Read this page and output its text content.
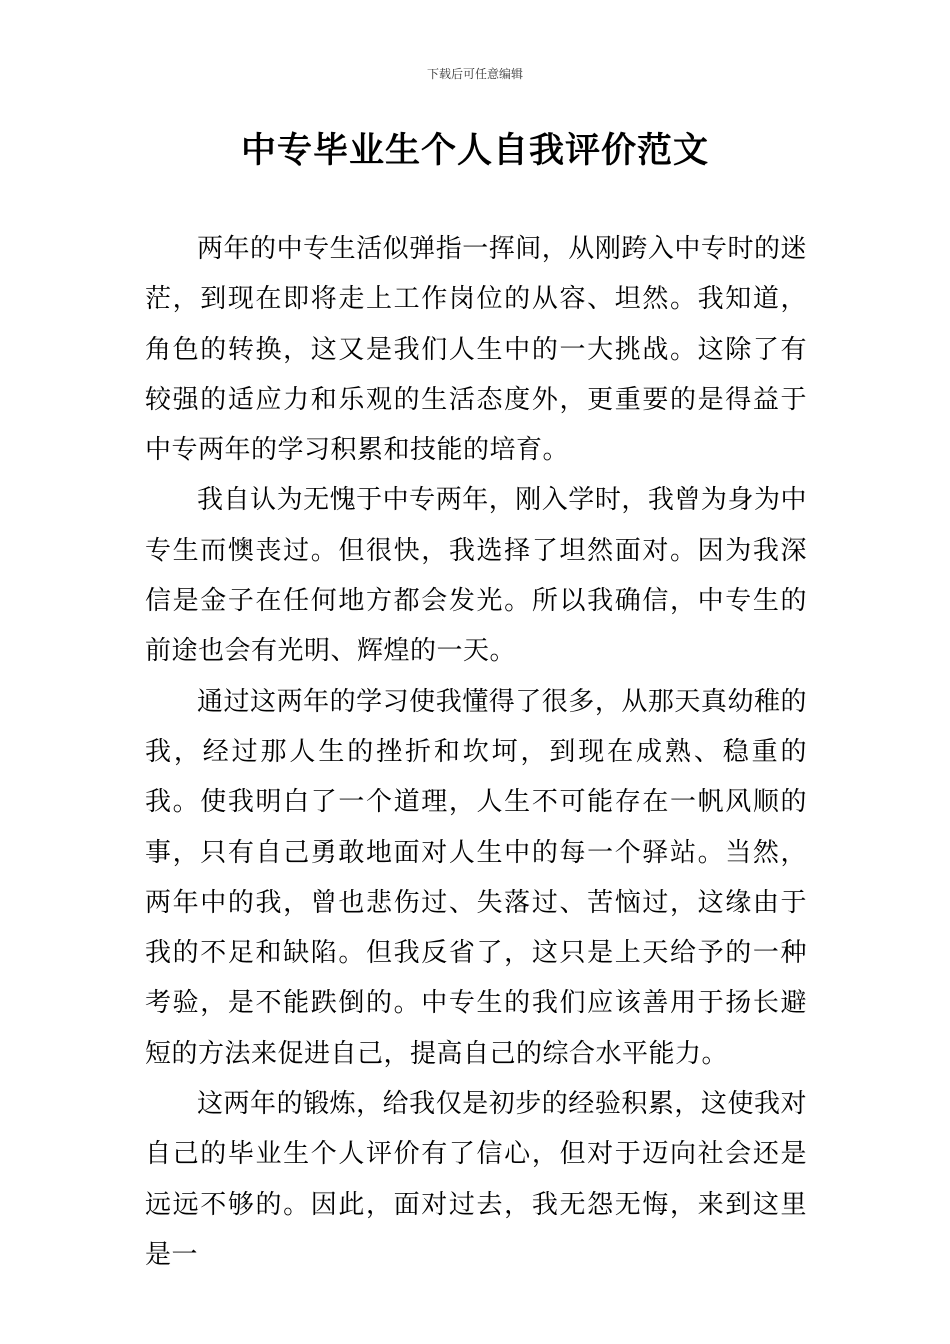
下载后可任意编辑
中专毕业生个人自我评价范文

两年的中专生活似弹指一挥间，从刚跨入中专时的迷茫，到现在即将走上工作岗位的从容、坦然。我知道，角色的转换，这又是我们人生中的一大挑战。这除了有较强的适应力和乐观的生活态度外，更重要的是得益于中专两年的学习积累和技能的培育。

我自认为无愧于中专两年，刚入学时，我曾为身为中专生而懊丧过。但很快，我选择了坦然面对。因为我深信是金子在任何地方都会发光。所以我确信，中专生的前途也会有光明、辉煌的一天。

通过这两年的学习使我懂得了很多，从那天真幼稚的我，经过那人生的挫折和坎坷，到现在成熟、稳重的我。使我明白了一个道理，人生不可能存在一帆风顺的事，只有自己勇敢地面对人生中的每一个驿站。当然，两年中的我，曾也悲伤过、失落过、苦恼过，这缘由于我的不足和缺陷。但我反省了，这只是上天给予的一种考验，是不能跌倒的。中专生的我们应该善用于扬长避短的方法来促进自己，提高自己的综合水平能力。

这两年的锻炼，给我仅是初步的经验积累，这使我对自己的毕业生个人评价有了信心，但对于迈向社会还是远远不够的。因此，面对过去，我无怨无悔，来到这里是一
